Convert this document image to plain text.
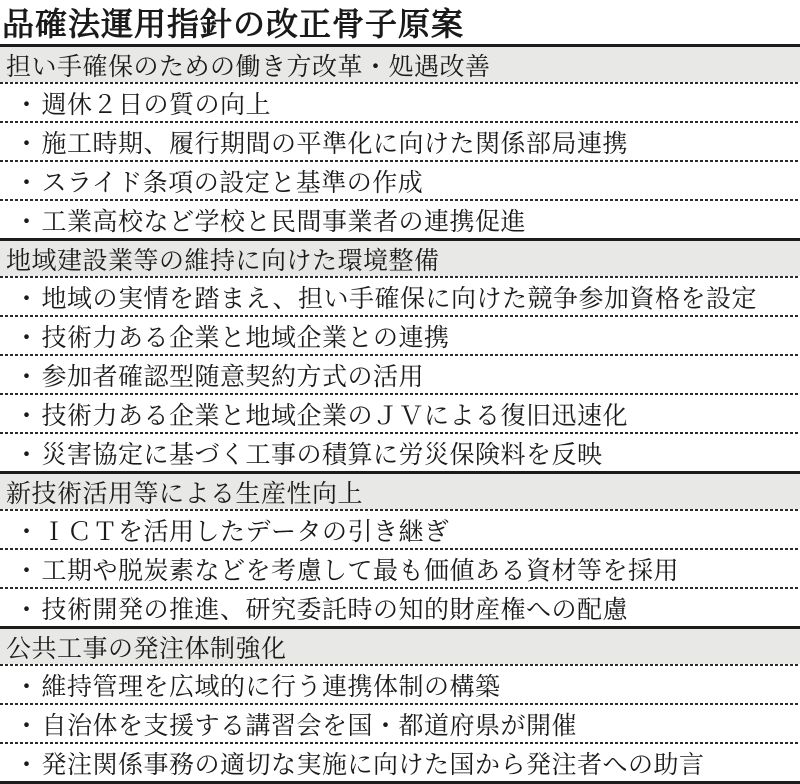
品確法運用指針の改正骨子原案
担い手確保のための働き方改革・処遇改善
・ 週休２日の質の向上
・ 施工時期、履行期間の平準化に向けた関係部局連携
・ スライド条項の設定と基準の作成
・ 工業高校など学校と民間事業者の連携促進
地域建設業等の維持に向けた環境整備
・ 地域の実情を踏まえ、担い手確保に向けた競争参加資格を設定
・ 技術力ある企業と地域企業との連携
・ 参加者確認型随意契約方式の活用
・ 技術力ある企業と地域企業のＪＶによる復旧迅速化
・ 災害協定に基づく工事の積算に労災保険料を反映
新技術活用等による生産性向上
・ ＩＣＴを活用したデータの引き継ぎ
・ 工期や脱炭素などを考慮して最も価値ある資材等を採用
・ 技術開発の推進、研究委託時の知的財産権への配慮
公共工事の発注体制強化
・ 維持管理を広域的に行う連携体制の構築
・ 自治体を支援する講習会を国・都道府県が開催
・ 発注関係事務の適切な実施に向けた国から発注者への助言
